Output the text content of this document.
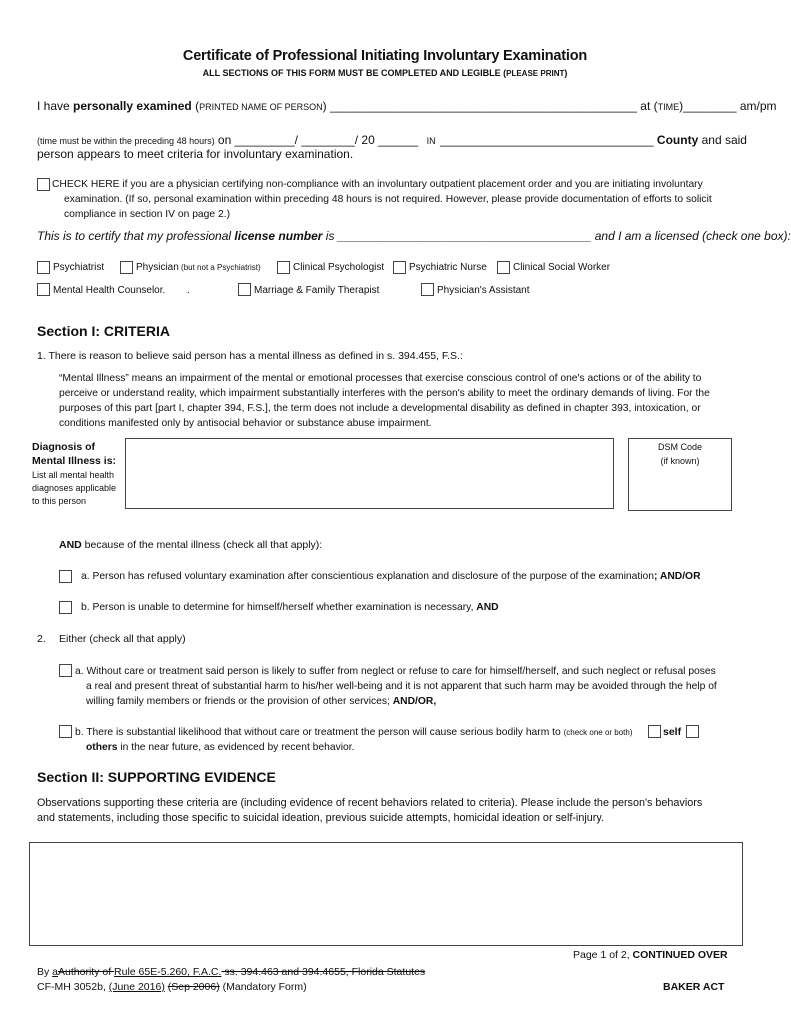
Certificate of Professional Initiating Involuntary Examination
ALL SECTIONS OF THIS FORM MUST BE COMPLETED AND LEGIBLE (PLEASE PRINT)
I have personally examined (PRINTED NAME OF PERSON) ______________________________________________ at (TIME)________ am/pm
(time must be within the preceding 48 hours) on _________/ ________/ 20 ______ IN ________________________________ County and said
person appears to meet criteria for involuntary examination.
CHECK HERE if you are a physician certifying non-compliance with an involuntary outpatient placement order and you are initiating involuntary
examination. (If so, personal examination within preceding 48 hours is not required. However, please provide documentation of efforts to solicit
compliance in section IV on page 2.)
This is to certify that my professional license number is ______________________________________ and I am a licensed (check one box):
Psychiatrist	Physician (but not a Psychiatrist)	Clinical Psychologist Psychiatric Nurse	Clinical Social Worker
Mental Health Counselor. .	Marriage & Family Therapist	Physician's Assistant
Section I: CRITERIA
1. There is reason to believe said person has a mental illness as defined in s. 394.455, F.S.:
“Mental Illness” means an impairment of the mental or emotional processes that exercise conscious control of one's actions or of the ability to
perceive or understand reality, which impairment substantially interferes with the person's ability to meet the ordinary demands of living. For the
purposes of this part [part I, chapter 394, F.S.], the term does not include a developmental disability as defined in chapter 393, intoxication, or
conditions manifested only by antisocial behavior or substance abuse impairment.
Diagnosis of
Mental Illness is:
List all mental health
diagnoses applicable
to this person
DSM Code
(if known)
AND because of the mental illness (check all that apply):
a. Person has refused voluntary examination after conscientious explanation and disclosure of the purpose of the examination; AND/OR
b. Person is unable to determine for himself/herself whether examination is necessary, AND
2. Either (check all that apply)
a. Without care or treatment said person is likely to suffer from neglect or refuse to care for himself/herself, and such neglect or refusal poses
a real and present threat of substantial harm to his/her well-being and it is not apparent that such harm may be avoided through the help of
willing family members or friends or the provision of other services; AND/OR,
b. There is substantial likelihood that without care or treatment the person will cause serious bodily harm to (check one or both)	self
others in the near future, as evidenced by recent behavior.
Section II: SUPPORTING EVIDENCE
Observations supporting these criteria are (including evidence of recent behaviors related to criteria). Please include the person's behaviors
and statements, including those specific to suicidal ideation, previous suicide attempts, homicidal ideation or self-injury.
Page 1 of 2, CONTINUED OVER
By aAuthority of Rule 65E-5.260, F.A.C. ss. 394.463 and 394.4655, Florida Statutes
CF-MH 3052b, (June 2016) (Sep 2006) (Mandatory Form)	BAKER ACT
